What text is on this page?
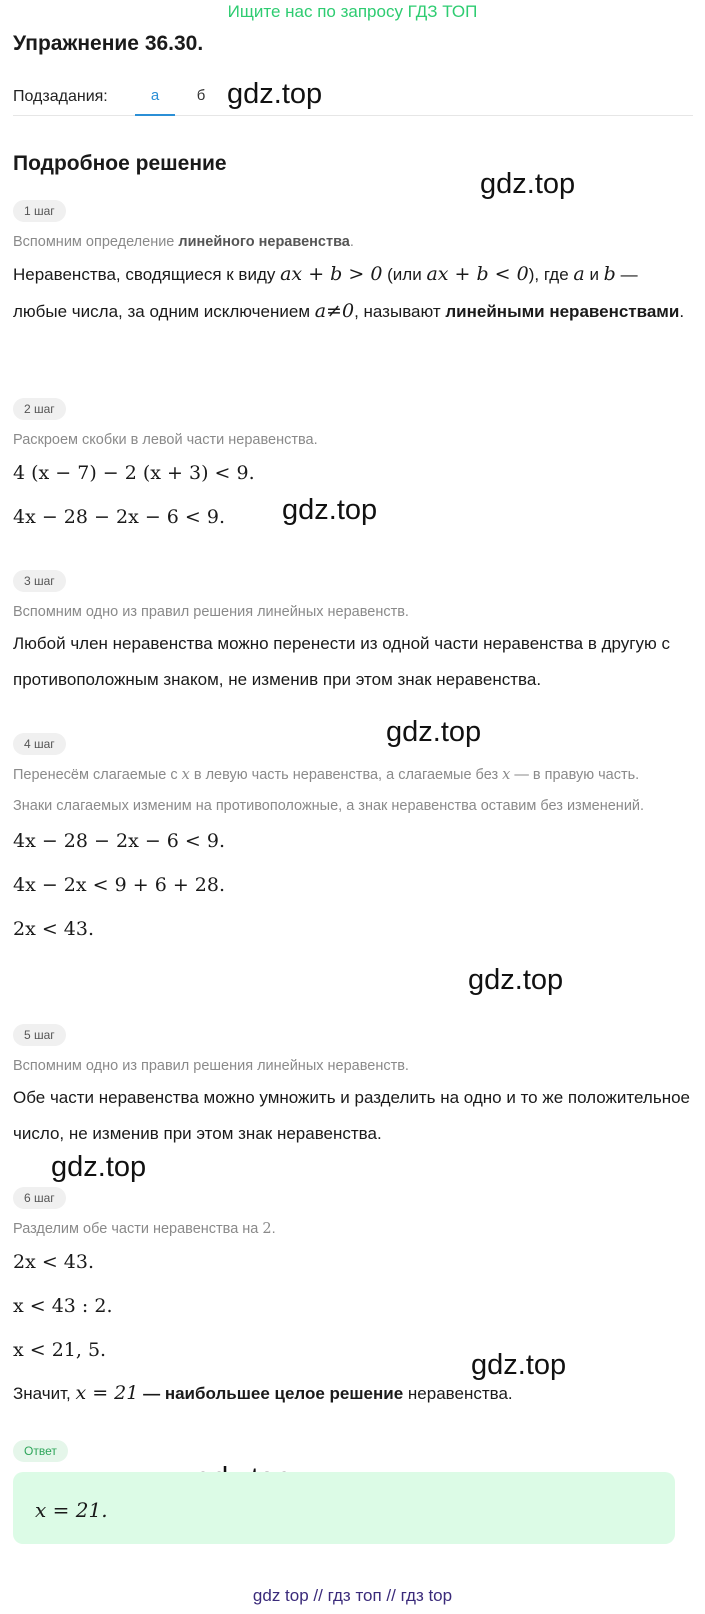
Ищите нас по запросу ГДЗ ТОП
Упражнение 36.30.
Подзадания:	а	б gdz.top
gdz.top
gdz.top
gdz.top
gdz.top
gdz.top
gdz.top
Подробное решение
1 шаг
Вспомним определение линейного неравенства.
Неравенства, сводящиеся к виду ax + b > 0 (или ax + b < 0), где a и b — любые числа, за одним исключением a≠0, называют линейными неравенствами.
2 шаг
Раскроем скобки в левой части неравенства.
4 (x − 7) − 2 (x + 3) < 9.
4x − 28 − 2x − 6 < 9.
3 шаг
Вспомним одно из правил решения линейных неравенств.
Любой член неравенства можно перенести из одной части неравенства в другую с противоположным знаком, не изменив при этом знак неравенства.
4 шаг
Перенесём слагаемые с x в левую часть неравенства, а слагаемые без x — в правую часть.
Знаки слагаемых изменим на противоположные, а знак неравенства оставим без изменений.
4x − 28 − 2x − 6 < 9.
4x − 2x < 9 + 6 + 28.
2x < 43.
5 шаг
Вспомним одно из правил решения линейных неравенств.
Обе части неравенства можно умножить и разделить на одно и то же положительное число, не изменив при этом знак неравенства.
6 шаг
Разделим обе части неравенства на 2.
2x < 43.
x < 43 : 2.
x < 21, 5.
Значит, x = 21 — наибольшее целое решение неравенства.
Ответ
x = 21.
gdz top // гдз топ // гдз top
